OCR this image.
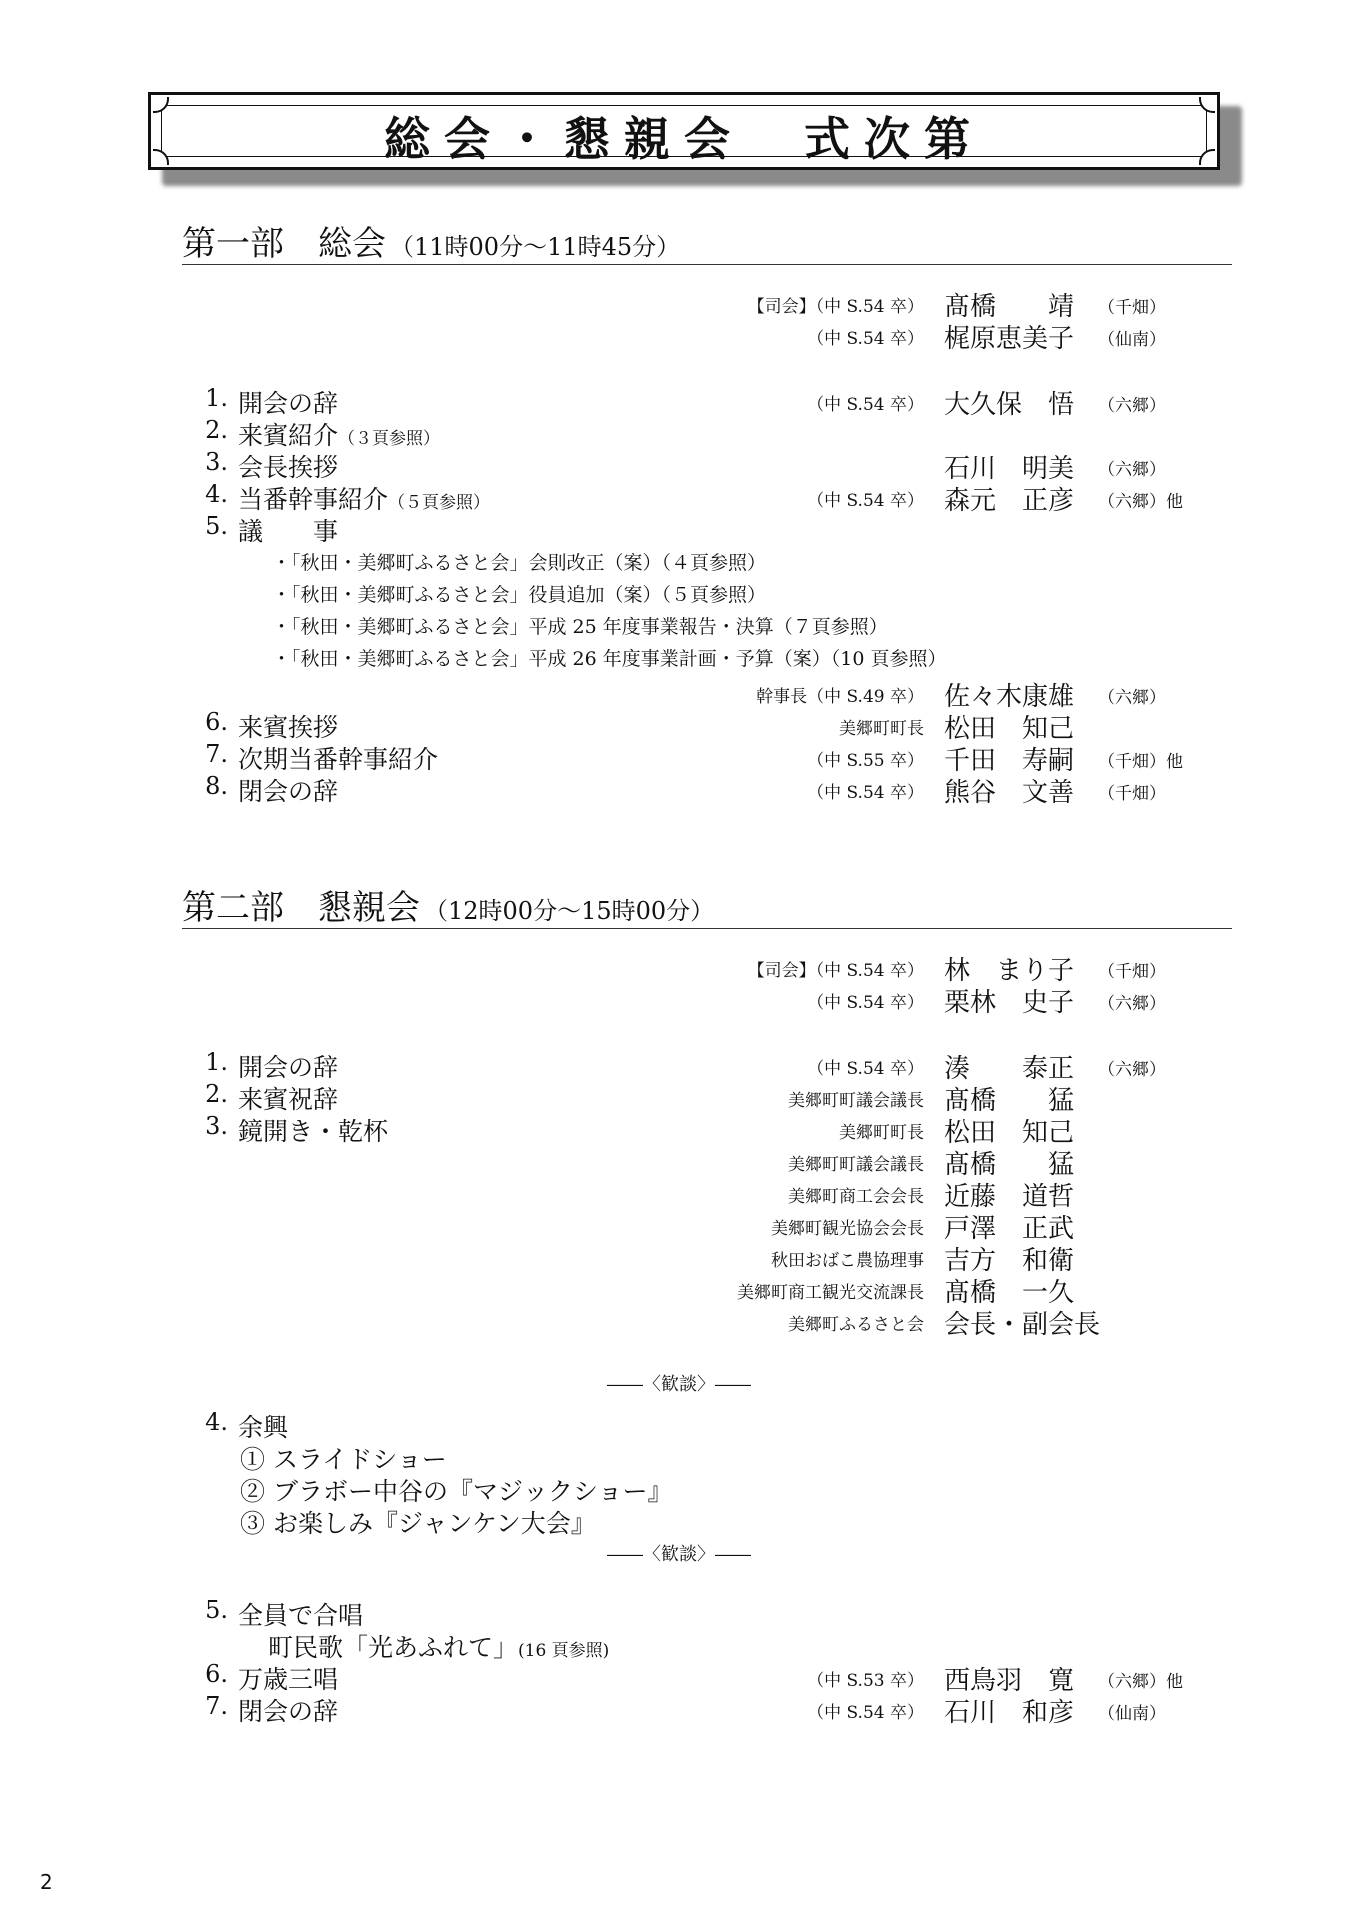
総会・懇親会　式次第
第一部　総会 （11時00分〜11時45分）
【司会】（中 S.54 卒） 髙橋　　靖 （千畑）
（中 S.54 卒） 梶原恵美子 （仙南）
1. 開会の辞	（中 S.54 卒） 大久保　悟 （六郷）
2. 来賓紹介（３頁参照）
3. 会長挨拶	石川　明美 （六郷）
4. 当番幹事紹介（５頁参照）	（中 S.54 卒） 森元　正彦 （六郷）他
5. 議　　事
・「秋田・美郷町ふるさと会」会則改正（案）（４頁参照）
・「秋田・美郷町ふるさと会」役員追加（案）（５頁参照）
・「秋田・美郷町ふるさと会」平成 25 年度事業報告・決算（７頁参照）
・「秋田・美郷町ふるさと会」平成 26 年度事業計画・予算（案）（10 頁参照）
幹事長（中 S.49 卒） 佐々木康雄 （六郷）
6. 来賓挨拶	美郷町町長 松田　知己
7. 次期当番幹事紹介	（中 S.55 卒） 千田　寿嗣 （千畑）他
8. 閉会の辞	（中 S.54 卒） 熊谷　文善 （千畑）
第二部　懇親会 （12時00分〜15時00分）
【司会】（中 S.54 卒） 林　まり子 （千畑）
（中 S.54 卒） 栗林　史子 （六郷）
1. 開会の辞	（中 S.54 卒） 湊　　泰正 （六郷）
2. 来賓祝辞	美郷町町議会議長 髙橋　　猛
3. 鏡開き・乾杯	美郷町町長 松田　知己
美郷町町議会議長 髙橋　　猛
美郷町商工会会長 近藤　道哲
美郷町観光協会会長 戸澤　正武
秋田おばこ農協理事 吉方　和衛
美郷町商工観光交流課長 髙橋　一久
美郷町ふるさと会 会長・副会長
――〈歓談〉――
4. 余興
① スライドショー
② ブラボー中谷の『マジックショー』
③ お楽しみ『ジャンケン大会』
――〈歓談〉――
5. 全員で合唱
町民歌「光あふれて」(16 頁参照)
6. 万歳三唱	（中 S.53 卒） 西鳥羽　寛 （六郷）他
7. 閉会の辞	（中 S.54 卒） 石川　和彦 （仙南）
2
